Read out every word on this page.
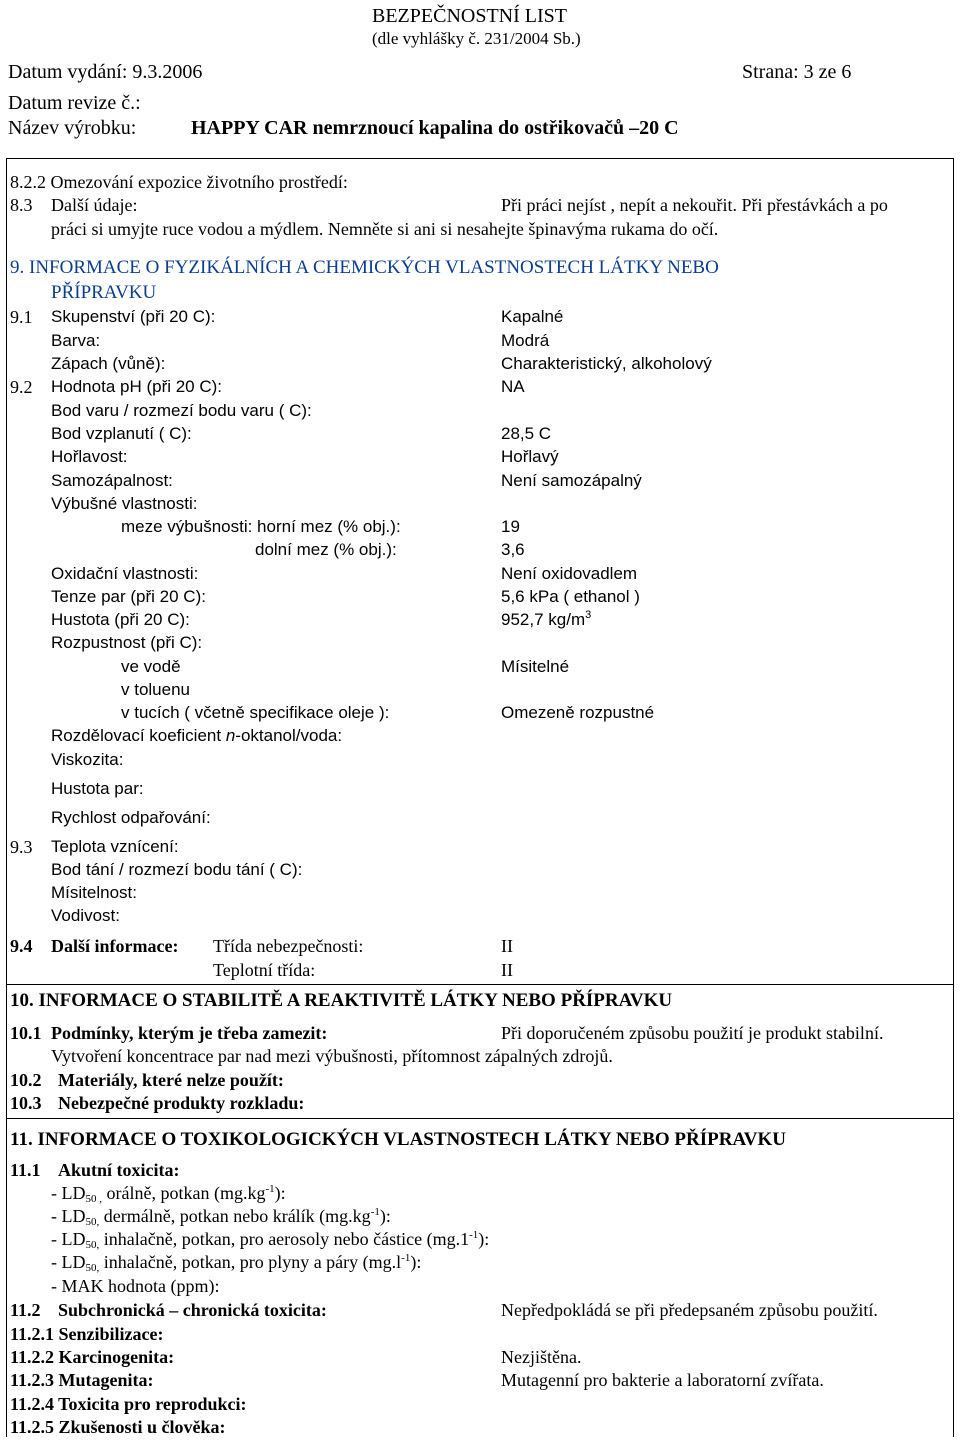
BEZPEČNOSTNÍ LIST
(dle vyhlášky č. 231/2004 Sb.)
Datum vydání: 9.3.2006	Strana: 3 ze 6
Datum revize č.:
Název výrobku:	HAPPY CAR nemrznoucí kapalina do ostřikovačů –20 C
8.2.2 Omezování expozice životního prostředí:
8.3 Další údaje:	Při práci nejíst , nepít a nekouřit. Při přestávkách a po
práci si umyjte ruce vodou a mýdlem. Nemněte si ani si nesahejte špinavýma rukama do očí.
9. INFORMACE O FYZIKÁLNÍCH A CHEMICKÝCH VLASTNOSTECH LÁTKY NEBO
PŘÍPRAVKU
9.1 Skupenství (při 20 C):	Kapalné
Barva:	Modrá
Zápach (vůně):	Charakteristický, alkoholový
9.2 Hodnota pH (při 20 C):	NA
Bod varu / rozmezí bodu varu ( C):
Bod vzplanutí ( C):	28,5 C
Hořlavost:	Hořlavý
Samozápalnost:	Není samozápalný
Výbušné vlastnosti:
meze výbušnosti: horní mez (% obj.):	19
dolní mez (% obj.):	3,6
Oxidační vlastnosti:	Není oxidovadlem
Tenze par (při 20 C):	5,6 kPa ( ethanol )
Hustota (při 20 C):	952,7 $kg/m^3$
Rozpustnost (při C):
ve vodě	Mísitelné
v toluenu
v tucích ( včetně specifikace oleje ):	Omezeně rozpustné
Rozdělovací koeficient n-oktanol/voda:
Viskozita:
Hustota par:
Rychlost odpařování:
9.3 Teplota vznícení:
Bod tání / rozmezí bodu tání ( C):
Mísitelnost:
Vodivost:
9.4 Další informace: Třída nebezpečnosti:	II
Teplotní třída:	II
10. INFORMACE O STABILITĚ A REAKTIVITĚ LÁTKY NEBO PŘÍPRAVKU
10.1 Podmínky, kterým je třeba zamezit:	Při doporučeném způsobu použití je produkt stabilní.
Vytvoření koncentrace par nad mezi výbušnosti, přítomnost zápalných zdrojů.
10.2 Materiály, které nelze použít:
10.3 Nebezpečné produkty rozkladu:
11. INFORMACE O TOXIKOLOGICKÝCH VLASTNOSTECH LÁTKY NEBO PŘÍPRAVKU
11.1 Akutní toxicita:
- $LD_{50 ,}$ orálně, potkan $(mg.kg^{-1})$:
- $LD_{50,}$ dermálně, potkan nebo králík $(mg.kg^{-1})$:
- $LD_{50,}$ inhalačně, potkan, pro aerosoly nebo částice $(mg.1^{-1})$:
- $LD_{50,}$ inhalačně, potkan, pro plyny a páry $(mg.l^{-1})$:
- MAK hodnota (ppm):
11.2 Subchronická – chronická toxicita:	Nepředpokládá se při předepsaném způsobu použití.
11.2.1 Senzibilizace:
11.2.2 Karcinogenita:	Nezjištěna.
11.2.3 Mutagenita:	Mutagenní pro bakterie a laboratorní zvířata.
11.2.4 Toxicita pro reprodukci:
11.2.5 Zkušenosti u člověka:
